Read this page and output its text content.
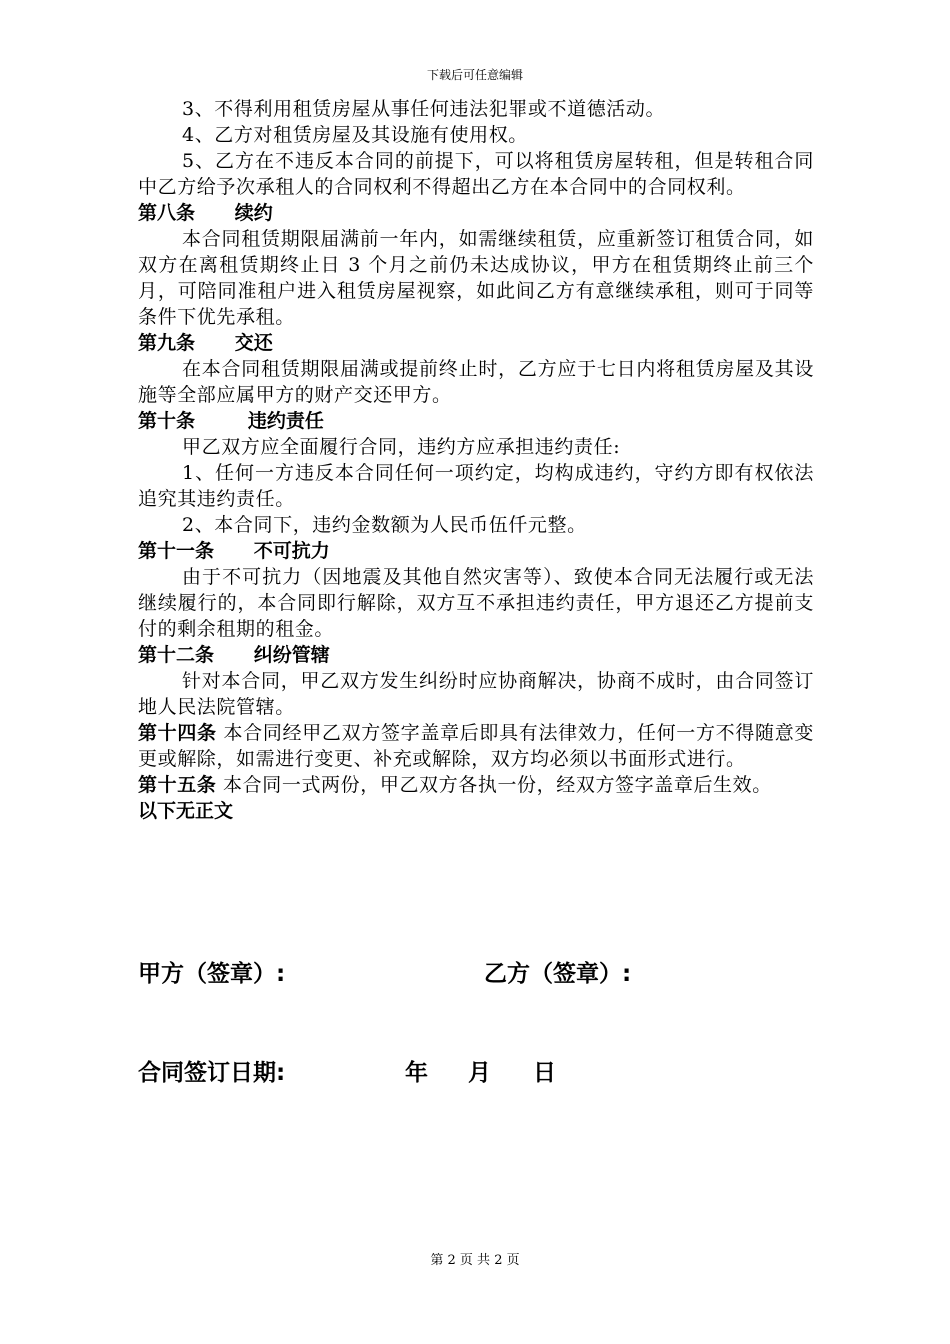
下载后可任意编辑

3、不得利用租赁房屋从事任何违法犯罪或不道德活动。

4、乙方对租赁房屋及其设施有使用权。

5、乙方在不违反本合同的前提下，可以将租赁房屋转租，但是转租合同中乙方给予次承租人的合同权利不得超出乙方在本合同中的合同权利。

第八条      续约

本合同租赁期限届满前一年内，如需继续租赁，应重新签订租赁合同，如双方在离租赁期终止日 3 个月之前仍未达成协议，甲方在租赁期终止前三个月，可陪同准租户进入租赁房屋视察，如此间乙方有意继续承租，则可于同等条件下优先承租。

第九条      交还

在本合同租赁期限届满或提前终止时，乙方应于七日内将租赁房屋及其设施等全部应属甲方的财产交还甲方。

第十条        违约责任

甲乙双方应全面履行合同，违约方应承担违约责任:

1、任何一方违反本合同任何一项约定，均构成违约，守约方即有权依法追究其违约责任。

2、本合同下，违约金数额为人民币伍仟元整。

第十一条      不可抗力

由于不可抗力（因地震及其他自然灾害等）、致使本合同无法履行或无法继续履行的，本合同即行解除，双方互不承担违约责任，甲方退还乙方提前支付的剩余租期的租金。

第十二条      纠纷管辖

针对本合同，甲乙双方发生纠纷时应协商解决，协商不成时，由合同签订地人民法院管辖。

第十四条 本合同经甲乙双方签字盖章后即具有法律效力，任何一方不得随意变更或解除，如需进行变更、补充或解除，双方均必须以书面形式进行。

第十五条 本合同一式两份，甲乙双方各执一份，经双方签字盖章后生效。

以下无正文

甲方（签章）:	乙方（签章）:
合同签订日期:	年 月 日
第 2 页 共 2 页
